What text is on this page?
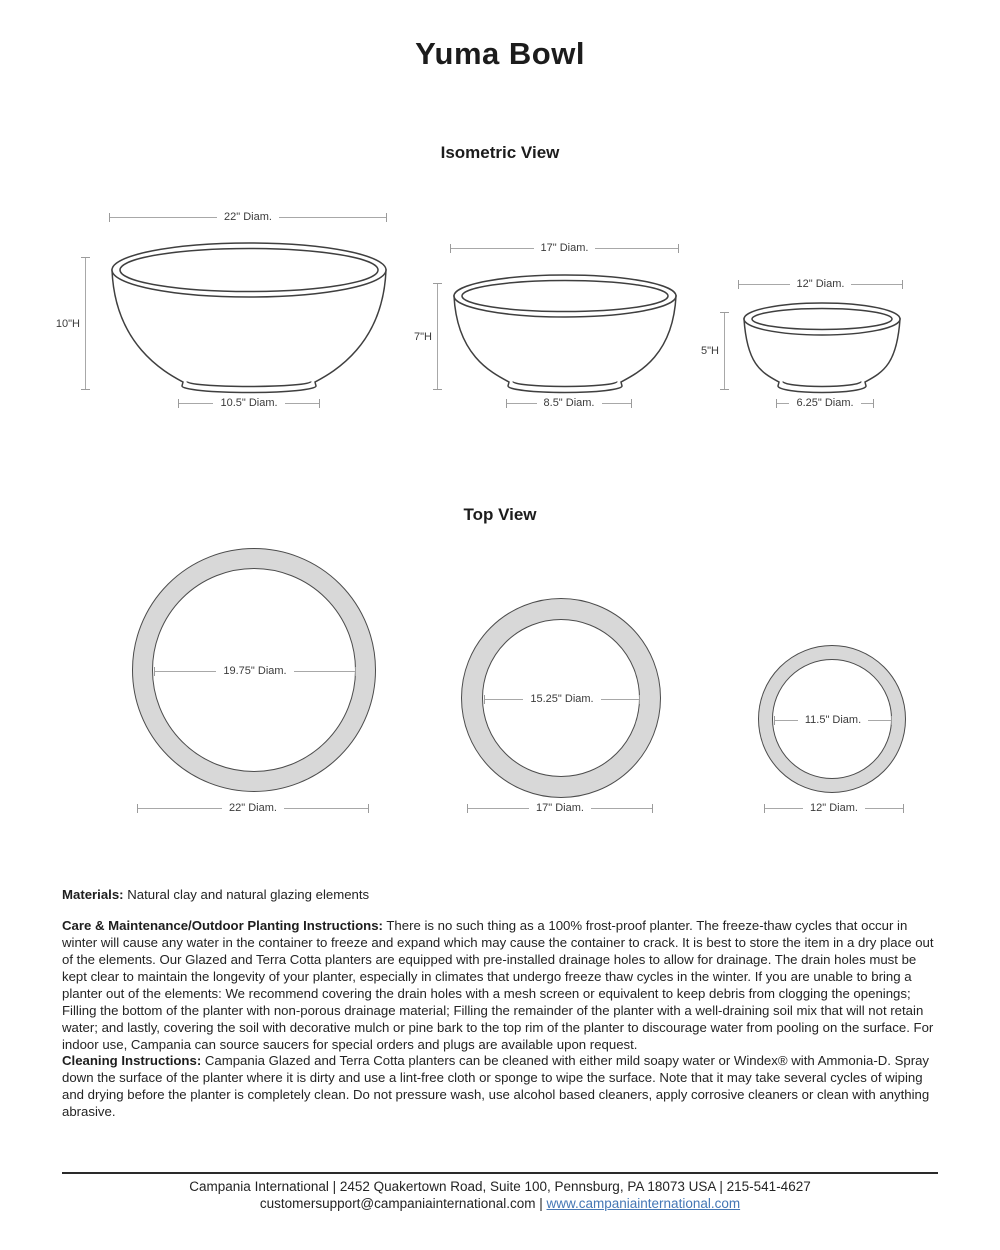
Yuma Bowl
Isometric View
22" Diam.
10"H
10.5" Diam.
17" Diam.
7"H
8.5" Diam.
12" Diam.
5"H
6.25" Diam.
Top View
19.75" Diam.
22" Diam.
15.25" Diam.
17" Diam.
11.5" Diam.
12" Diam.

Materials: Natural clay and natural glazing elements

Care & Maintenance/Outdoor Planting Instructions: There is no such thing as a 100% frost-proof planter. The freeze-thaw cycles that occur in winter will cause any water in the container to freeze and expand which may cause the container to crack. It is best to store the item in a dry place out of the elements. Our Glazed and Terra Cotta planters are equipped with pre-installed drainage holes to allow for drainage. The drain holes must be kept clear to maintain the longevity of your planter, especially in climates that undergo freeze thaw cycles in the winter. If you are unable to bring a planter out of the elements: We recommend covering the drain holes with a mesh screen or equivalent to keep debris from clogging the openings; Filling the bottom of the planter with non-porous drainage material; Filling the remainder of the planter with a well-draining soil mix that will not retain water; and lastly, covering the soil with decorative mulch or pine bark to the top rim of the planter to discourage water from pooling on the surface. For indoor use, Campania can source saucers for special orders and plugs are available upon request.

Cleaning Instructions: Campania Glazed and Terra Cotta planters can be cleaned with either mild soapy water or Windex® with Ammonia-D. Spray down the surface of the planter where it is dirty and use a lint-free cloth or sponge to wipe the surface. Note that it may take several cycles of wiping and drying before the planter is completely clean. Do not pressure wash, use alcohol based cleaners, apply corrosive cleaners or clean with anything abrasive.

Campania International | 2452 Quakertown Road, Suite 100, Pennsburg, PA 18073 USA | 215-541-4627
customersupport@campaniainternational.com | www.campaniainternational.com
